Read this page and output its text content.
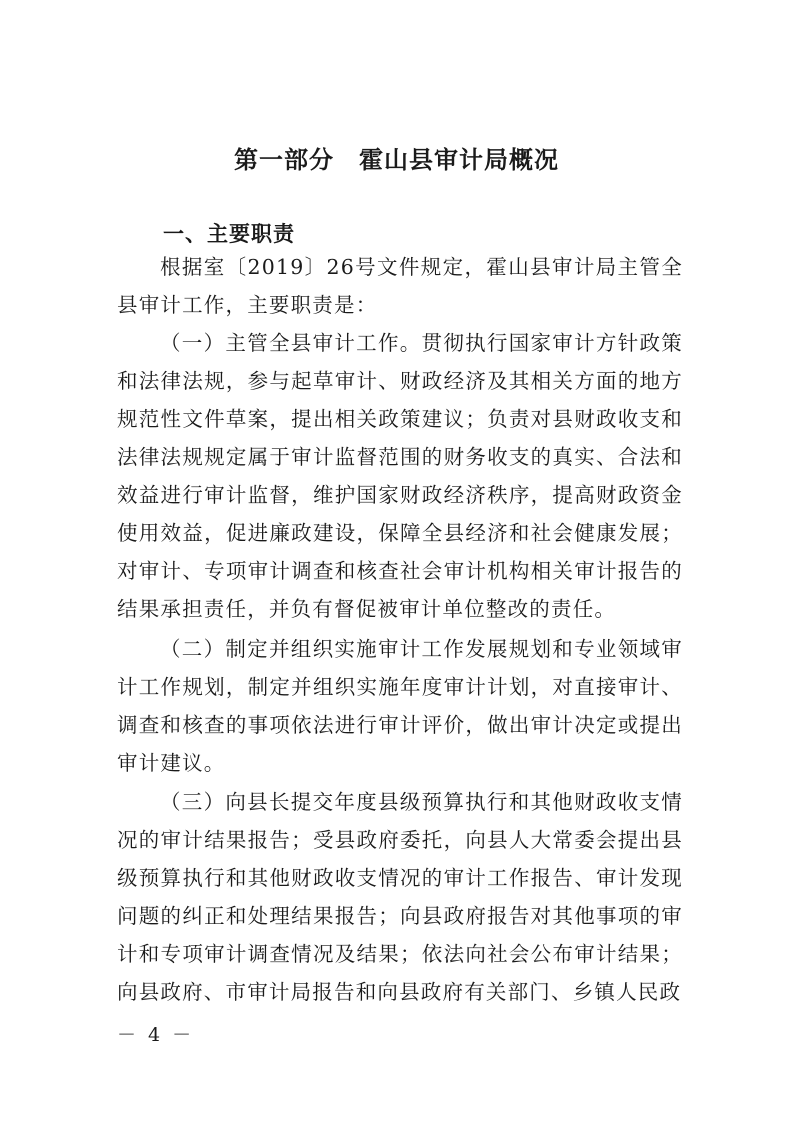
第一部分　霍山县审计局概况
一、主要职责

根据室〔2019〕26号文件规定，霍山县审计局主管全县审计工作，主要职责是：

（一）主管全县审计工作。贯彻执行国家审计方针政策和法律法规，参与起草审计、财政经济及其相关方面的地方规范性文件草案，提出相关政策建议；负责对县财政收支和法律法规规定属于审计监督范围的财务收支的真实、合法和效益进行审计监督，维护国家财政经济秩序，提高财政资金使用效益，促进廉政建设，保障全县经济和社会健康发展；对审计、专项审计调查和核查社会审计机构相关审计报告的结果承担责任，并负有督促被审计单位整改的责任。

（二）制定并组织实施审计工作发展规划和专业领域审计工作规划，制定并组织实施年度审计计划，对直接审计、调查和核查的事项依法进行审计评价，做出审计决定或提出审计建议。

（三）向县长提交年度县级预算执行和其他财政收支情况的审计结果报告；受县政府委托，向县人大常委会提出县级预算执行和其他财政收支情况的审计工作报告、审计发现问题的纠正和处理结果报告；向县政府报告对其他事项的审计和专项审计调查情况及结果；依法向社会公布审计结果；向县政府、市审计局报告和向县政府有关部门、乡镇人民政

－ 4 －
